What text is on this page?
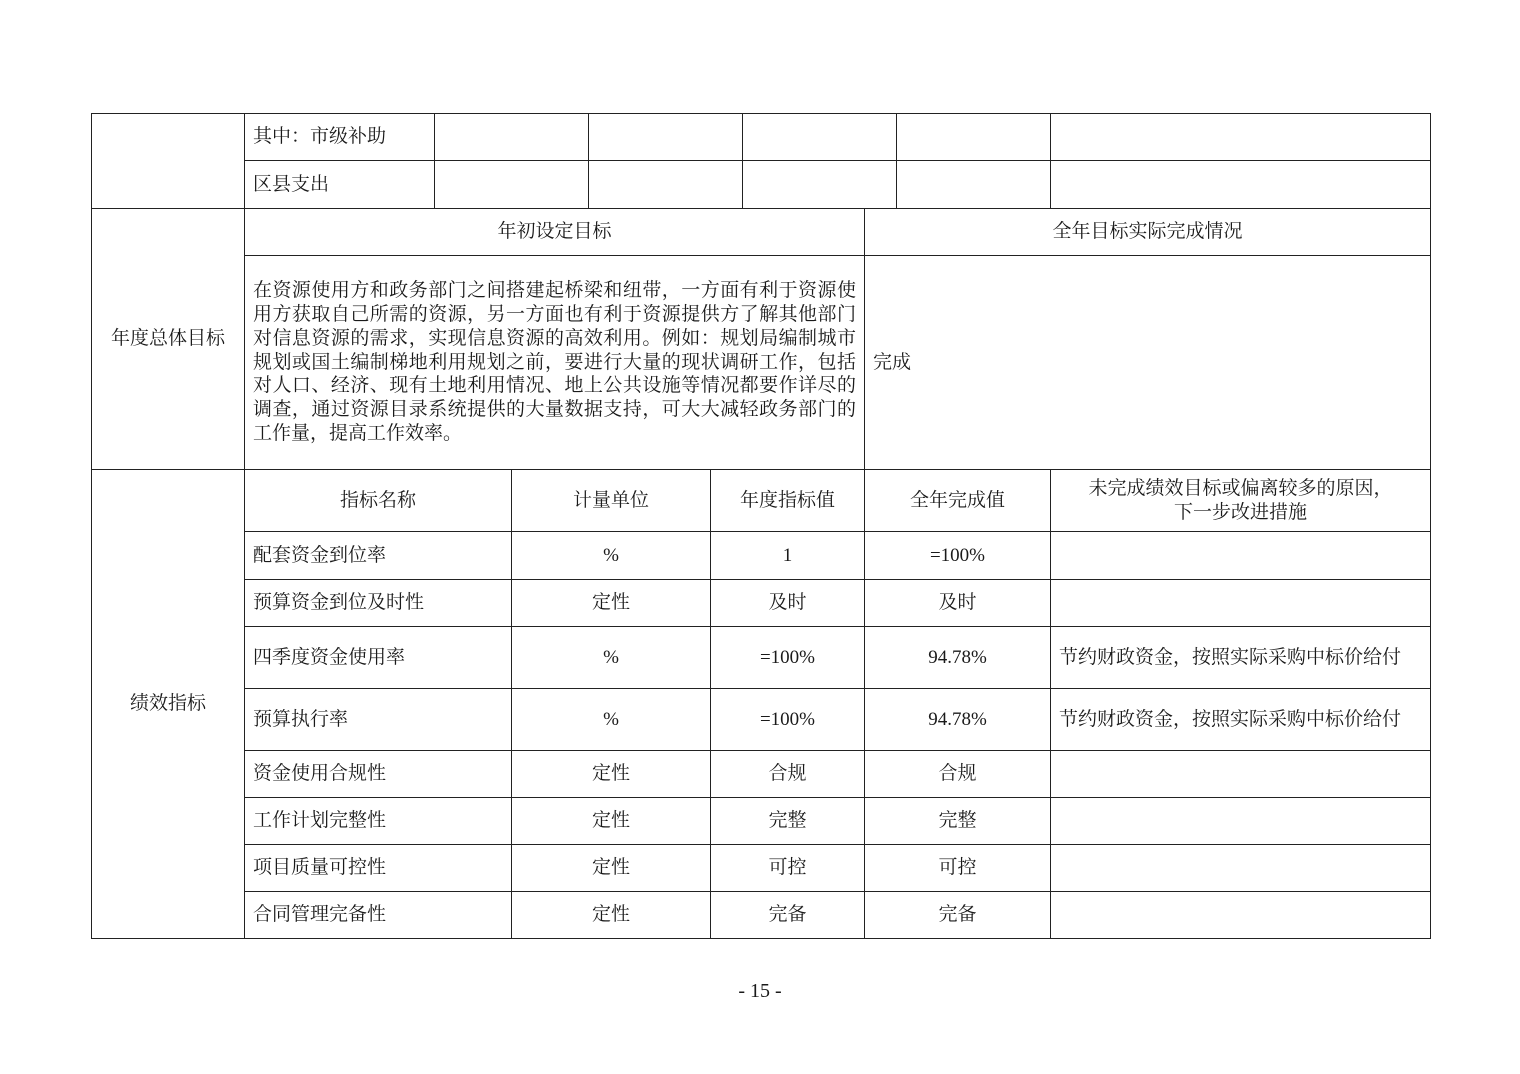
	其中：市级补助								
	区县支出								
年度总体目标	年初设定目标						全年目标实际完成情况		
	在资源使用方和政务部门之间搭建起桥梁和纽带，一方面有利于资源使用方获取自己所需的资源，另一方面也有利于资源提供方了解其他部门对信息资源的需求，实现信息资源的高效利用。例如：规划局编制城市规划或国土编制梯地利用规划之前，要进行大量的现状调研工作，包括对人口、经济、现有土地利用情况、地上公共设施等情况都要作详尽的调查，通过资源目录系统提供的大量数据支持，可大大减轻政务部门的工作量，提高工作效率。						完成		
绩效指标	指标名称		计量单位		年度指标值		全年完成值		未完成绩效目标或偏离较多的原因，
下一步改进措施

	配套资金到位率		%		1		=100%		
	预算资金到位及时性		定性		及时		及时		
	四季度资金使用率		%		=100%		94.78%		节约财政资金，按照实际采购中标价给付
	预算执行率		%		=100%		94.78%		节约财政资金，按照实际采购中标价给付
	资金使用合规性		定性		合规		合规		
	工作计划完整性		定性		完整		完整		
	项目质量可控性		定性		可控		可控		
	合同管理完备性		定性		完备		完备		
- 15 -
